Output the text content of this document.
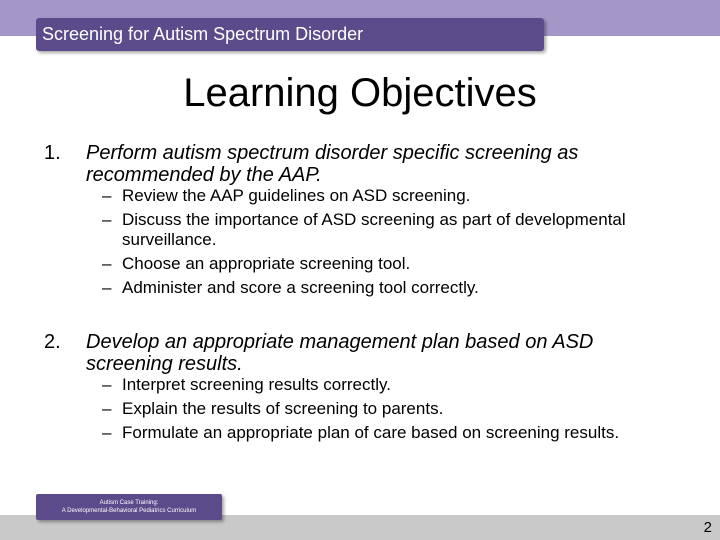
Screening for Autism Spectrum Disorder
Learning Objectives
1. Perform autism spectrum disorder specific screening as recommended by the AAP.
– Review the AAP guidelines on ASD screening.
– Discuss the importance of ASD screening as part of developmental surveillance.
– Choose an appropriate screening tool.
– Administer and score a screening tool correctly.
2. Develop an appropriate management plan based on ASD screening results.
– Interpret screening results correctly.
– Explain the results of screening to parents.
– Formulate an appropriate plan of care based on screening results.
Autism Case Training:
A Developmental-Behavioral Pediatrics Curriculum
2
